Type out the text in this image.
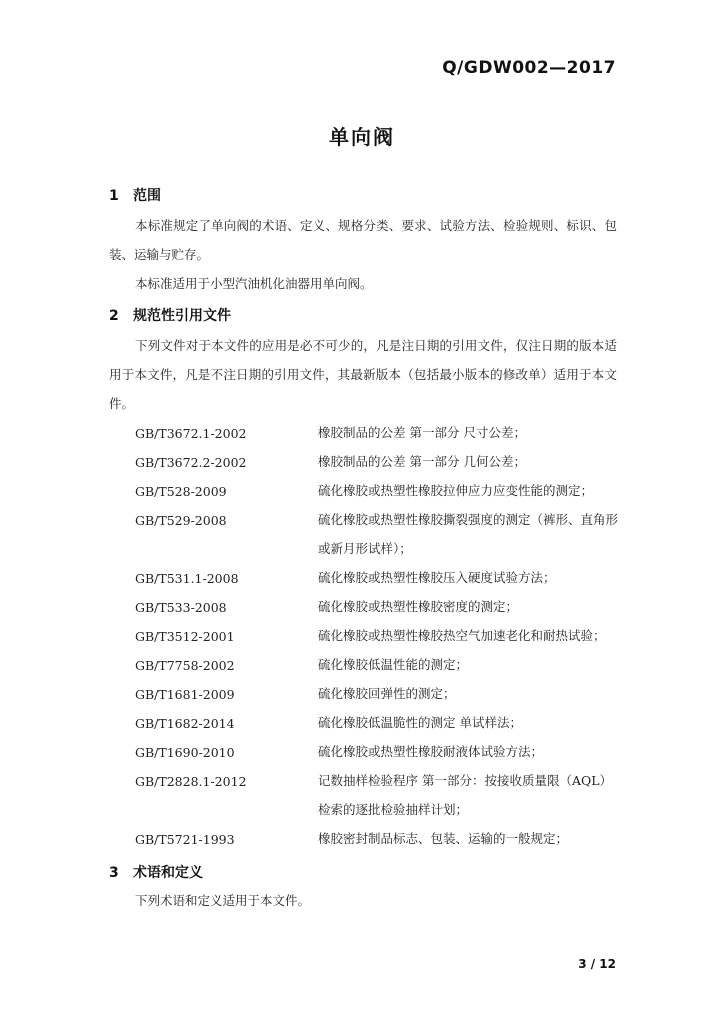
Q/GDW002—2017
单向阀
1 范围
本标准规定了单向阀的术语、定义、规格分类、要求、试验方法、检验规则、标识、包装、运输与贮存。
本标准适用于小型汽油机化油器用单向阀。
2 规范性引用文件
下列文件对于本文件的应用是必不可少的，凡是注日期的引用文件，仅注日期的版本适用于本文件，凡是不注日期的引用文件，其最新版本（包括最小版本的修改单）适用于本文件。
GB/T3672.1-2002	橡胶制品的公差 第一部分 尺寸公差；
GB/T3672.2-2002	橡胶制品的公差 第一部分 几何公差；
GB/T528-2009	硫化橡胶或热塑性橡胶拉伸应力应变性能的测定；
GB/T529-2008	硫化橡胶或热塑性橡胶撕裂强度的测定（裤形、直角形或新月形试样）；
GB/T531.1-2008	硫化橡胶或热塑性橡胶压入硬度试验方法；
GB/T533-2008	硫化橡胶或热塑性橡胶密度的测定；
GB/T3512-2001	硫化橡胶或热塑性橡胶热空气加速老化和耐热试验；
GB/T7758-2002	硫化橡胶低温性能的测定；
GB/T1681-2009	硫化橡胶回弹性的测定；
GB/T1682-2014	硫化橡胶低温脆性的测定 单试样法；
GB/T1690-2010	硫化橡胶或热塑性橡胶耐液体试验方法；
GB/T2828.1-2012	记数抽样检验程序 第一部分：按接收质量限（AQL）检索的逐批检验抽样计划；
GB/T5721-1993	橡胶密封制品标志、包装、运输的一般规定；
3 术语和定义
下列术语和定义适用于本文件。
3 / 12
